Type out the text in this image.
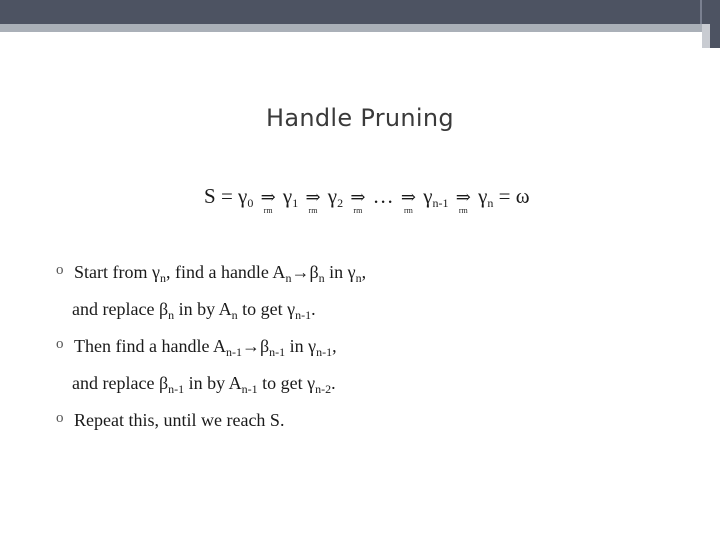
Handle Pruning
$S = \gamma_0$ ⇒
rm
$\gamma_1$ ⇒
rm
$\gamma_2$ ⇒
rm
… ⇒
rm
$\gamma_{n-1}$ ⇒
rm
$\gamma_n = \omega$
o Start from $\gamma_n$, find a handle $A_n\to\beta_n$ in $\gamma_n$,
and replace $\beta_n$ in by $A_n$ to get $\gamma_{n-1}$.
o Then find a handle $A_{n-1}\to\beta_{n-1}$ in $\gamma_{n-1}$,
and replace $\beta_{n-1}$ in by $A_{n-1}$ to get $\gamma_{n-2}$.
o Repeat this, until we reach S.
